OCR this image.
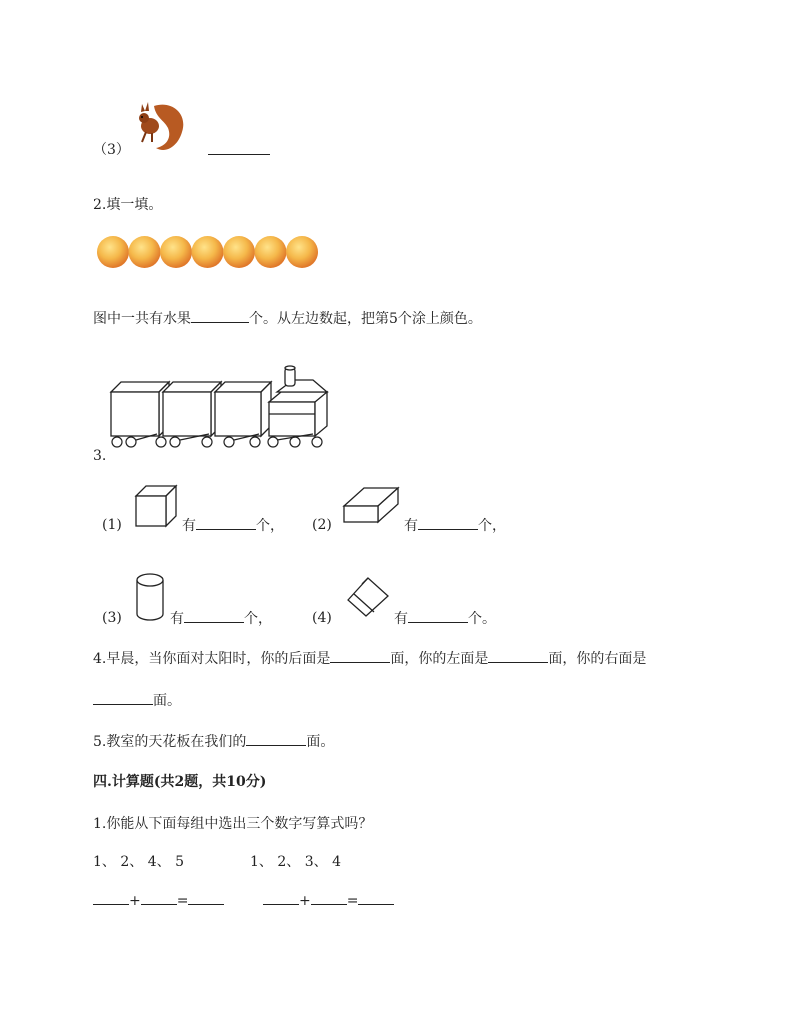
（3）
2.填一填。
图中一共有水果	个。从左边数起，把第5个涂上颜色。
3.
(1)	有	个， (2)	有	个，
(3)	有	个，	(4)	有	个。
4.早晨，当你面对太阳时，你的后面是	面，你的左面是	面，你的右面是
面。
5.教室的天花板在我们的	面。
四.计算题(共2题，共10分)
1.你能从下面每组中选出三个数字写算式吗？
1、 2、 4、 5	1、 2、 3、 4
+	=	+	=
